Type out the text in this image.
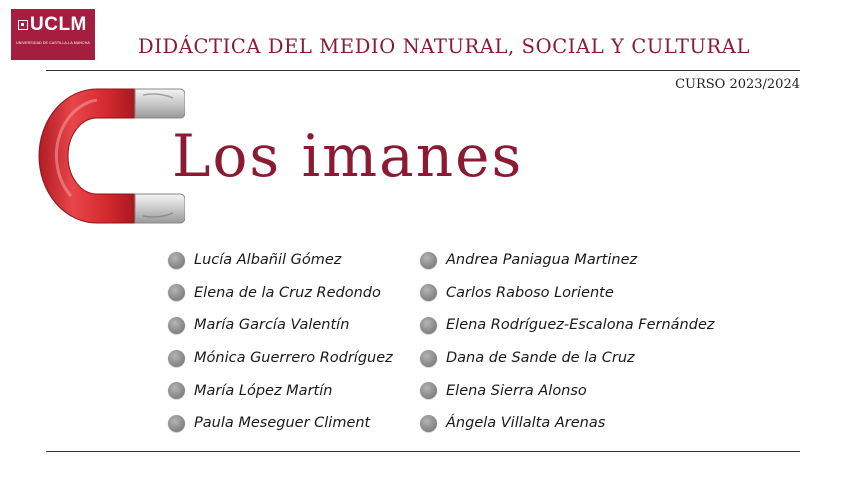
UCLM
UNIVERSIDAD DE CASTILLA-LA MANCHA DIDÁCTICA DEL MEDIO NATURAL, SOCIAL Y CULTURAL
CURSO 2023/2024
Los imanes
Lucía Albañil Gómez
Elena de la Cruz Redondo
María García Valentín
Mónica Guerrero Rodríguez
María López Martín
Paula Meseguer Climent
Andrea Paniagua Martinez
Carlos Raboso Loriente
Elena Rodríguez-Escalona Fernández
Dana de Sande de la Cruz
Elena Sierra Alonso
Ángela Villalta Arenas
